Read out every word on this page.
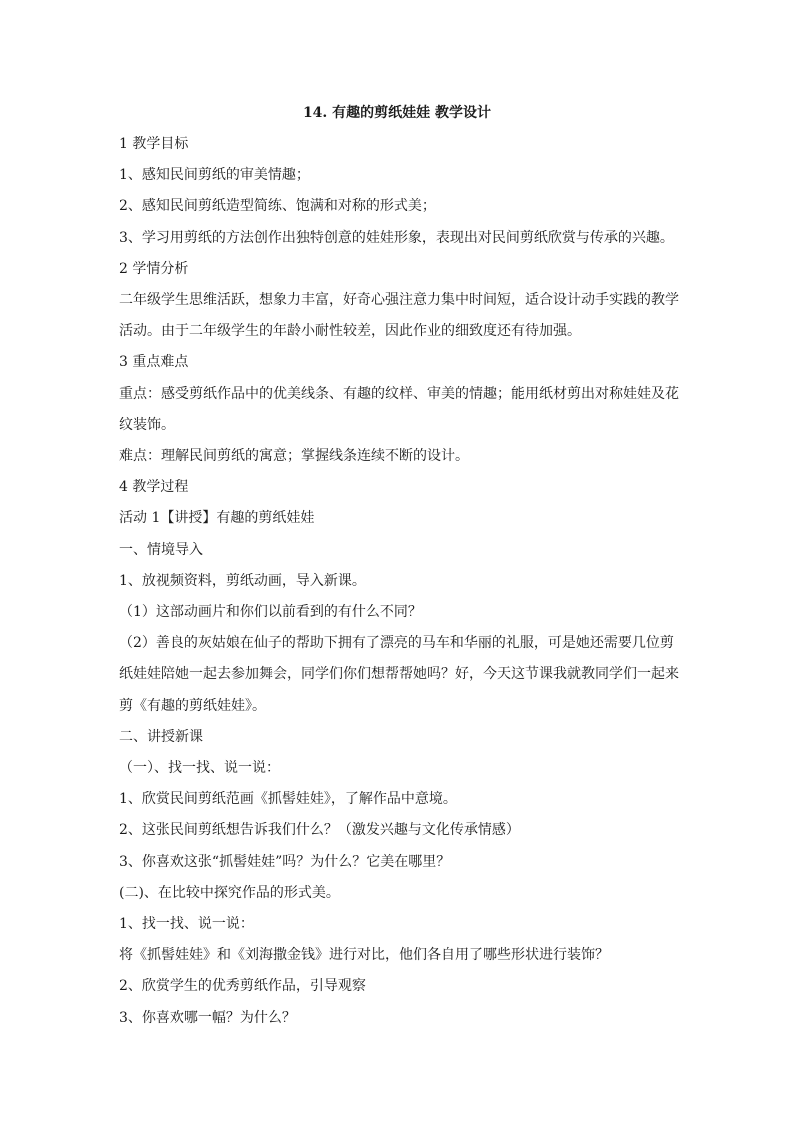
14. 有趣的剪纸娃娃 教学设计
1 教学目标
1、感知民间剪纸的审美情趣；
2、感知民间剪纸造型简练、饱满和对称的形式美；
3、学习用剪纸的方法创作出独特创意的娃娃形象，表现出对民间剪纸欣赏与传承的兴趣。
2 学情分析
二年级学生思维活跃，想象力丰富，好奇心强注意力集中时间短，适合设计动手实践的教学
活动。由于二年级学生的年龄小耐性较差，因此作业的细致度还有待加强。
3 重点难点
重点：感受剪纸作品中的优美线条、有趣的纹样、审美的情趣；能用纸材剪出对称娃娃及花
纹装饰。
难点：理解民间剪纸的寓意；掌握线条连续不断的设计。
4 教学过程
活动 1【讲授】有趣的剪纸娃娃
一、情境导入
1、放视频资料，剪纸动画，导入新课。
（1）这部动画片和你们以前看到的有什么不同？
（2）善良的灰姑娘在仙子的帮助下拥有了漂亮的马车和华丽的礼服，可是她还需要几位剪
纸娃娃陪她一起去参加舞会，同学们你们想帮帮她吗？好，今天这节课我就教同学们一起来
剪《有趣的剪纸娃娃》。
二、讲授新课
（一）、找一找、说一说：
1、欣赏民间剪纸范画《抓髻娃娃》，了解作品中意境。
2、这张民间剪纸想告诉我们什么？（激发兴趣与文化传承情感）
3、你喜欢这张“抓髻娃娃”吗？为什么？它美在哪里？
(二)、在比较中探究作品的形式美。
1、找一找、说一说：
将《抓髻娃娃》和《刘海撒金钱》进行对比，他们各自用了哪些形状进行装饰？
2、欣赏学生的优秀剪纸作品，引导观察
3、你喜欢哪一幅？为什么？
